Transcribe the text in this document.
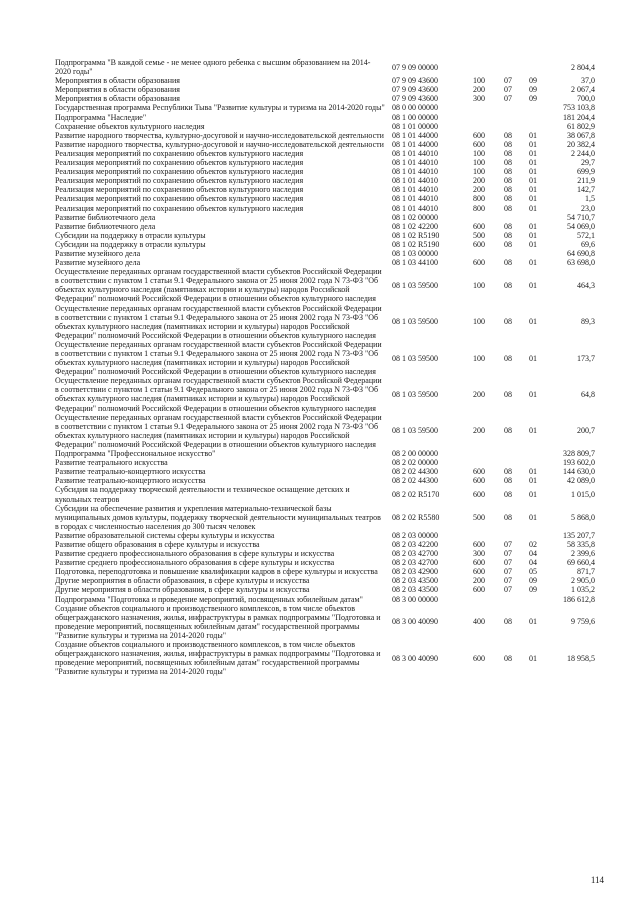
Подпрограмма "В каждой семье - не менее одного ребенка с высшим образованием на 2014-2020 годы"
07 9 09 00000	2 804,4
Мероприятия в области образования	07 9 09 43600	100	07	09	37,0
Мероприятия в области образования	07 9 09 43600	200	07	09	2 067,4
Мероприятия в области образования	07 9 09 43600	300	07	09	700,0
Государственная программа Республики Тыва "Развитие культуры и туризма на 2014-2020 годы" 08 0 00 00000	753 103,8
Подпрограмма "Наследие"	08 1 00 00000	181 204,4
Сохранение объектов культурного наследия	08 1 01 00000	61 802,9
Развитие народного творчества, культурно-досуговой и научно-исследовательской деятельности	08 1 01 44000	600	08	01	38 067,8
Развитие народного творчества, культурно-досуговой и научно-исследовательской деятельности	08 1 01 44000	600	08	01	20 382,4
Реализация мероприятий по сохранению объектов культурного наследия	08 1 01 44010	100	08	01	2 244,0
Реализация мероприятий по сохранению объектов культурного наследия	08 1 01 44010	100	08	01	29,7
Реализация мероприятий по сохранению объектов культурного наследия	08 1 01 44010	100	08	01	699,9
Реализация мероприятий по сохранению объектов культурного наследия	08 1 01 44010	200	08	01	211,9
Реализация мероприятий по сохранению объектов культурного наследия	08 1 01 44010	200	08	01	142,7
Реализация мероприятий по сохранению объектов культурного наследия	08 1 01 44010	800	08	01	1,5
Реализация мероприятий по сохранению объектов культурного наследия	08 1 01 44010	800	08	01	23,0
Развитие библиотечного дела	08 1 02 00000	54 710,7
Развитие библиотечного дела	08 1 02 42200	600	08	01	54 069,0
Субсидии на поддержку в отрасли культуры	08 1 02 R5190	500	08	01	572,1
Субсидии на поддержку в отрасли культуры	08 1 02 R5190	600	08	01	69,6
Развитие музейного дела	08 1 03 00000	64 690,8
Развитие музейного дела	08 1 03 44100	600	08	01	63 698,0
Осуществление переданных органам государственной власти субъектов Российской Федерации в соответствии с пунктом 1 статьи 9.1 Федерального закона от 25 июня 2002 года N 73-ФЗ "Об объектах культурного наследия (памятниках истории и культуры) народов Российской Федерации" полномочий Российской Федерации в отношении объектов культурного наследия
08 1 03 59500	100	08	01	464,3
Осуществление переданных органам государственной власти субъектов Российской Федерации в соответствии с пунктом 1 статьи 9.1 Федерального закона от 25 июня 2002 года N 73-ФЗ "Об объектах культурного наследия (памятниках истории и культуры) народов Российской Федерации" полномочий Российской Федерации в отношении объектов культурного наследия
08 1 03 59500	100	08	01	89,3
Осуществление переданных органам государственной власти субъектов Российской Федерации в соответствии с пунктом 1 статьи 9.1 Федерального закона от 25 июня 2002 года N 73-ФЗ "Об объектах культурного наследия (памятниках истории и культуры) народов Российской Федерации" полномочий Российской Федерации в отношении объектов культурного наследия
08 1 03 59500	100	08	01	173,7
Осуществление переданных органам государственной власти субъектов Российской Федерации в соответствии с пунктом 1 статьи 9.1 Федерального закона от 25 июня 2002 года N 73-ФЗ "Об объектах культурного наследия (памятниках истории и культуры) народов Российской Федерации" полномочий Российской Федерации в отношении объектов культурного наследия
08 1 03 59500	200	08	01	64,8
Осуществление переданных органам государственной власти субъектов Российской Федерации в соответствии с пунктом 1 статьи 9.1 Федерального закона от 25 июня 2002 года N 73-ФЗ "Об объектах культурного наследия (памятниках истории и культуры) народов Российской Федерации" полномочий Российской Федерации в отношении объектов культурного наследия
08 1 03 59500	200	08	01	200,7
Подпрограмма "Профессиональное искусство"	08 2 00 00000	328 809,7
Развитие театрального искусства	08 2 02 00000	193 602,0
Развитие театрально-концертного искусства	08 2 02 44300	600	08	01	144 630,0
Развитие театрально-концертного искусства	08 2 02 44300	600	08	01	42 089,0
Субсидия на поддержку творческой деятельности и техническое оснащение детских и кукольных театров
08 2 02 R5170	600	08	01	1 015,0
Субсидии на обеспечение развития и укрепления материально-технической базы муниципальных домов культуры, поддержку творческой деятельности муниципальных театров в городах с численностью населения до 300 тысяч человек
08 2 02 R5580	500	08	01	5 868,0
Развитие образовательной системы сферы культуры и искусства	08 2 03 00000	135 207,7
Развитие общего образования в сфере культуры и искусства	08 2 03 42200	600	07	02	58 335,8
Развитие среднего профессионального образования в сфере культуры и искусства	08 2 03 42700	300	07	04	2 399,6
Развитие среднего профессионального образования в сфере культуры и искусства	08 2 03 42700	600	07	04	69 660,4
Подготовка, переподготовка и повышение квалификации кадров в сфере культуры и искусства	08 2 03 42900	600	07	05	871,7
Другие мероприятия в области образования, в сфере культуры и искусства	08 2 03 43500	200	07	09	2 905,0
Другие мероприятия в области образования, в сфере культуры и искусства	08 2 03 43500	600	07	09	1 035,2
Подпрограмма "Подготовка и проведение мероприятий, посвященных юбилейным датам"	08 3 00 00000	186 612,8
Создание объектов социального и производственного комплексов, в том числе объектов общегражданского назначения, жилья, инфраструктуры в рамках подпрограммы "Подготовка и проведение мероприятий, посвященных юбилейным датам" государственной программы "Развитие культуры и туризма на 2014-2020 годы"
08 3 00 40090	400	08	01	9 759,6
Создание объектов социального и производственного комплексов, в том числе объектов общегражданского назначения, жилья, инфраструктуры в рамках подпрограммы "Подготовка и проведение мероприятий, посвященных юбилейным датам" государственной программы "Развитие культуры и туризма на 2014-2020 годы"
08 3 00 40090	600	08	01	18 958,5
114
